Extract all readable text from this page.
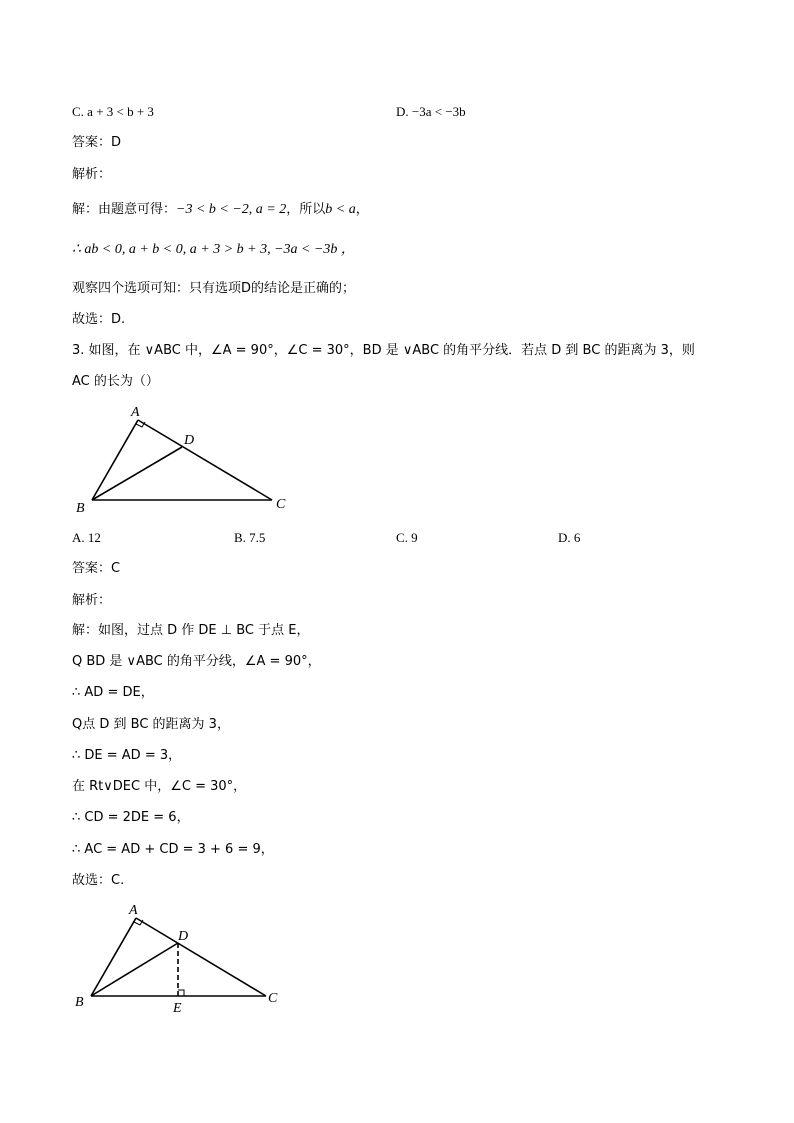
C. a + 3 < b + 3	D. −3a < −3b
答案：D
解析：
解：由题意可得：−3 < b < −2, a = 2，所以b < a，
∴ ab < 0, a + b < 0, a + 3 > b + 3, −3a < −3b ，
观察四个选项可知：只有选项D的结论是正确的；
故选：D.
3. 如图，在 ∨ABC 中，∠A = 90°，∠C = 30°，BD 是 ∨ABC 的角平分线．若点 D 到 BC 的距离为 3，则
AC 的长为（）
A
D
B	C
A. 12	B. 7.5	C. 9	D. 6
答案：C
解析：
解：如图，过点 D 作 DE ⊥ BC 于点 E，
Q BD 是 ∨ABC 的角平分线，∠A = 90°，
∴ AD = DE，
Q点 D 到 BC 的距离为 3，
∴ DE = AD = 3，
在 Rt∨DEC 中，∠C = 30°，
∴ CD = 2DE = 6，
∴ AC = AD + CD = 3 + 6 = 9，
故选：C.
A
D
B	E
C
